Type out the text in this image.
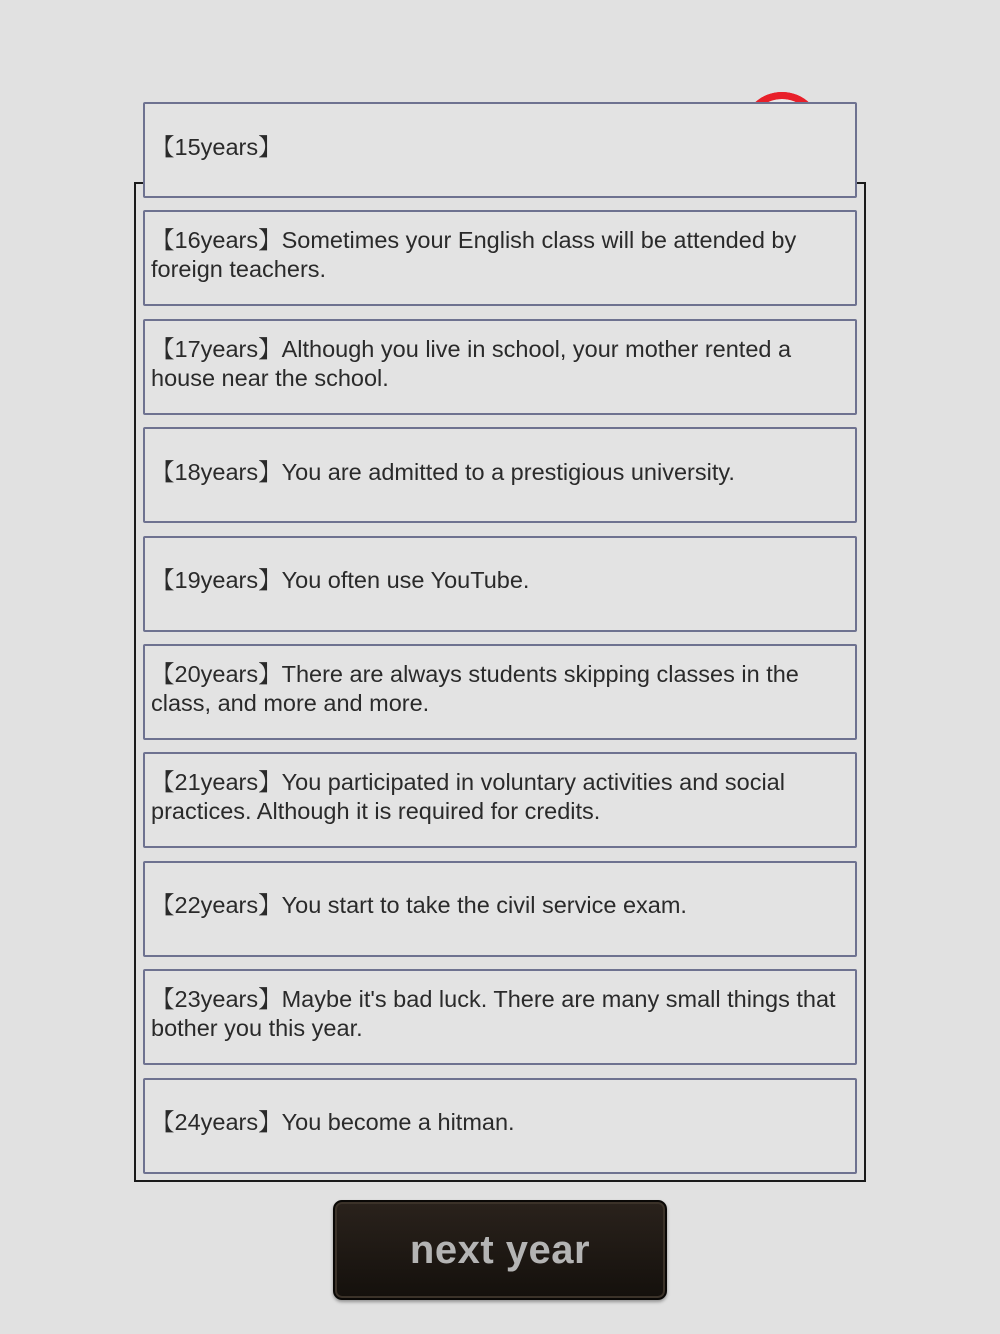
【15years】
【16years】Sometimes your English class will be attended by foreign teachers.
【17years】Although you live in school, your mother rented a house near the school.
【18years】You are admitted to a prestigious university.
【19years】You often use YouTube.
【20years】There are always students skipping classes in the class, and more and more.
【21years】You participated in voluntary activities and social practices. Although it is required for credits.
【22years】You start to take the civil service exam.
【23years】Maybe it's bad luck. There are many small things that bother you this year.
【24years】You become a hitman.
next year
